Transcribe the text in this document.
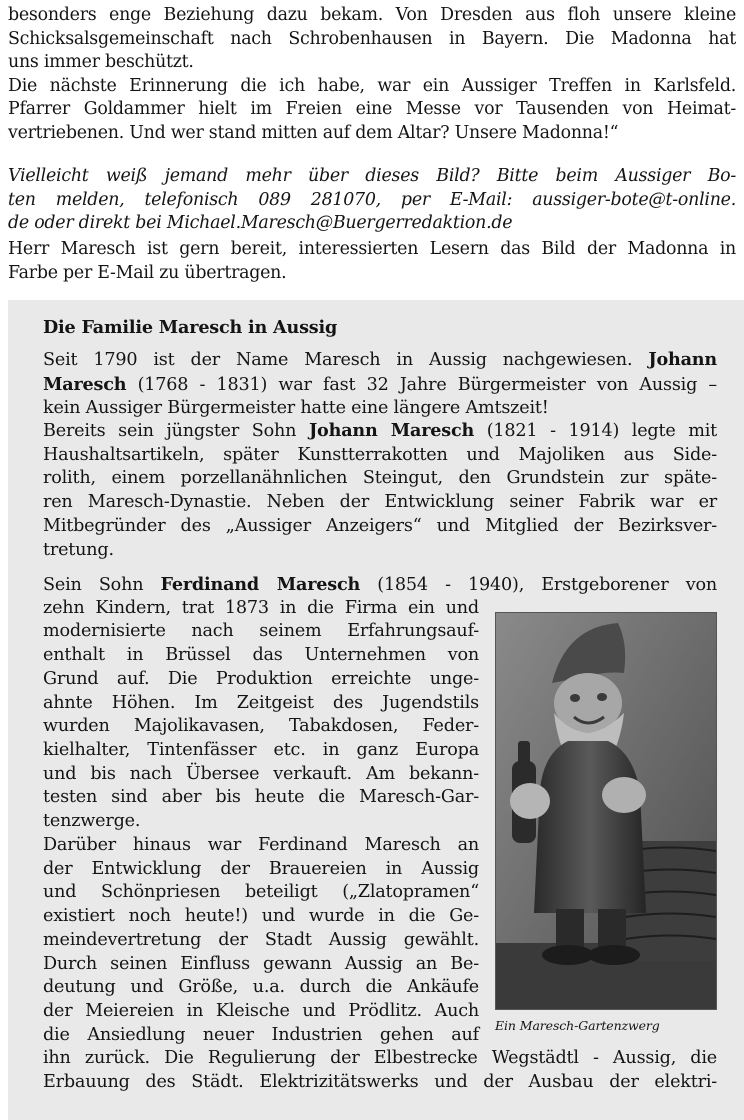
besonders enge Beziehung dazu bekam. Von Dresden aus floh unsere kleine
Schicksalsgemeinschaft nach Schrobenhausen in Bayern. Die Madonna hat
uns immer beschützt.
Die nächste Erinnerung die ich habe, war ein Aussiger Treffen in Karlsfeld.
Pfarrer Goldammer hielt im Freien eine Messe vor Tausenden von Heimat-
vertriebenen. Und wer stand mitten auf dem Altar? Unsere Madonna!“
Vielleicht weiß jemand mehr über dieses Bild? Bitte beim Aussiger Bo-
ten melden, telefonisch 089 281070, per E-Mail: aussiger-bote@t-online.
de oder direkt bei Michael.Maresch@Buergerredaktion.de
Herr Maresch ist gern bereit, interessierten Lesern das Bild der Madonna in
Farbe per E-Mail zu übertragen.
Die Familie Maresch in Aussig
Seit 1790 ist der Name Maresch in Aussig nachgewiesen. Johann
Maresch (1768 - 1831) war fast 32 Jahre Bürgermeister von Aussig –
kein Aussiger Bürgermeister hatte eine längere Amtszeit!
Bereits sein jüngster Sohn Johann Maresch (1821 - 1914) legte mit
Haushaltsartikeln, später Kunstterrakotten und Majoliken aus Side-
rolith, einem porzellanähnlichen Steingut, den Grundstein zur späte-
ren Maresch-Dynastie. Neben der Entwicklung seiner Fabrik war er
Mitbegründer des „Aussiger Anzeigers“ und Mitglied der Bezirksver-
tretung.
Sein Sohn Ferdinand Maresch (1854 - 1940), Erstgeborener von
zehn Kindern, trat 1873 in die Firma ein und
modernisierte nach seinem Erfahrungsauf-
enthalt in Brüssel das Unternehmen von
Grund auf. Die Produktion erreichte unge-
ahnte Höhen. Im Zeitgeist des Jugendstils
wurden Majolikavasen, Tabakdosen, Feder-
kielhalter, Tintenfässer etc. in ganz Europa
und bis nach Übersee verkauft. Am bekann-
testen sind aber bis heute die Maresch-Gar-
tenzwerge.
Darüber hinaus war Ferdinand Maresch an
der Entwicklung der Brauereien in Aussig
und Schönpriesen beteiligt („Zlatopramen“
existiert noch heute!) und wurde in die Ge-
meindevertretung der Stadt Aussig gewählt.
Durch seinen Einfluss gewann Aussig an Be-
deutung und Größe, u.a. durch die Ankäufe
der Meiereien in Kleische und Prödlitz. Auch
die Ansiedlung neuer Industrien gehen auf
ihn zurück. Die Regulierung der Elbestrecke Wegstädtl - Aussig, die
Erbauung des Städt. Elektrizitätswerks und der Ausbau der elektri-

Ein Maresch-Gartenzwerg
